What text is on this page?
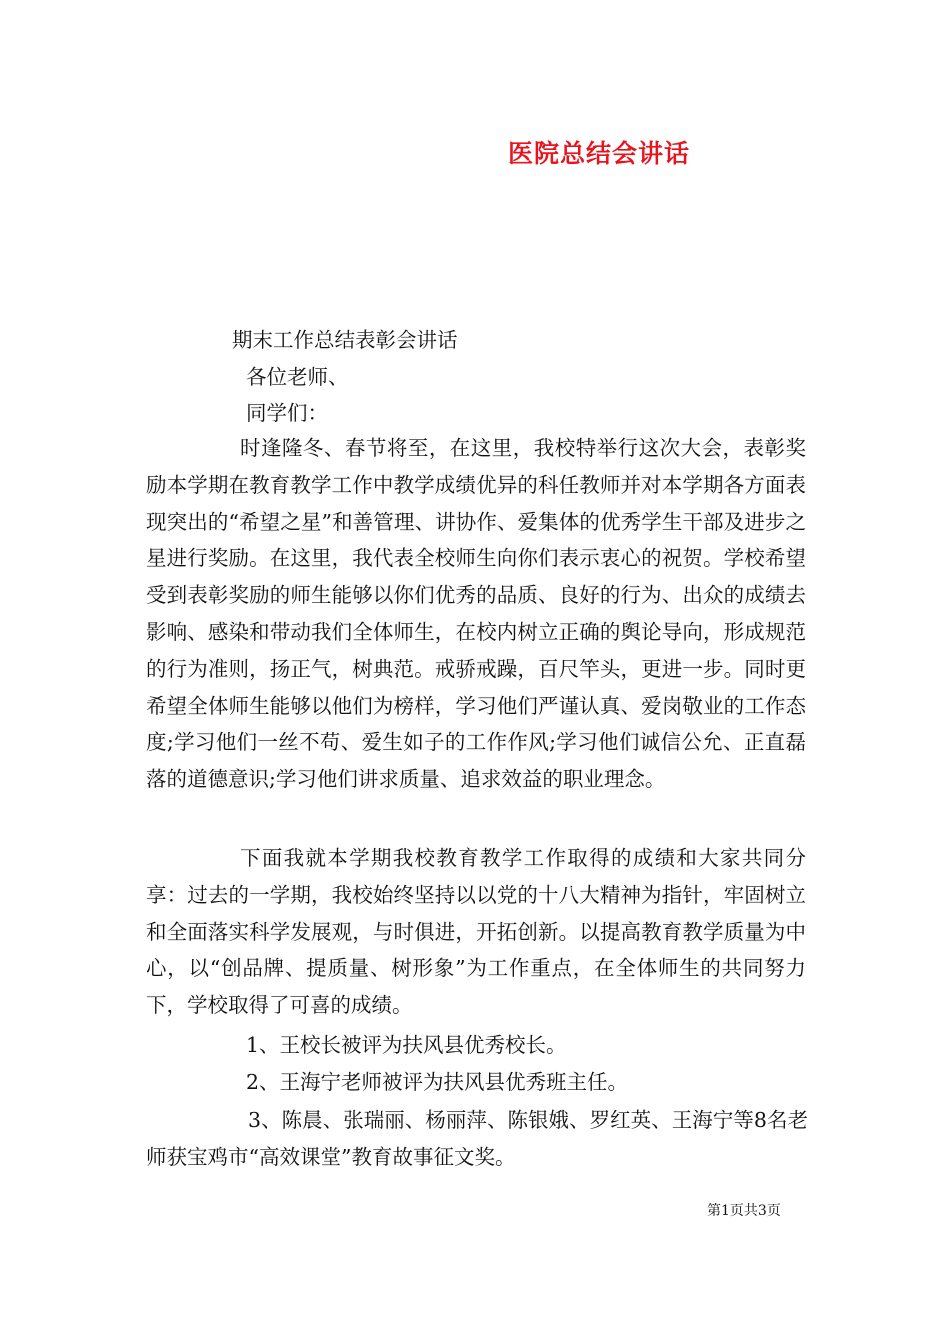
医院总结会讲话
期末工作总结表彰会讲话
各位老师、
同学们：

时逢隆冬、春节将至，在这里，我校特举行这次大会，表彰奖励本学期在教育教学工作中教学成绩优异的科任教师并对本学期各方面表现突出的“希望之星”和善管理、讲协作、爱集体的优秀学生干部及进步之星进行奖励。在这里，我代表全校师生向你们表示衷心的祝贺。学校希望受到表彰奖励的师生能够以你们优秀的品质、良好的行为、出众的成绩去影响、感染和带动我们全体师生，在校内树立正确的舆论导向，形成规范的行为准则，扬正气，树典范。戒骄戒躁，百尺竿头，更进一步。同时更希望全体师生能够以他们为榜样，学习他们严谨认真、爱岗敬业的工作态度;学习他们一丝不苟、爱生如子的工作作风;学习他们诚信公允、正直磊落的道德意识;学习他们讲求质量、追求效益的职业理念。

下面我就本学期我校教育教学工作取得的成绩和大家共同分享：过去的一学期，我校始终坚持以以党的十八大精神为指针，牢固树立和全面落实科学发展观，与时俱进，开拓创新。以提高教育教学质量为中心，以“创品牌、提质量、树形象”为工作重点，在全体师生的共同努力下，学校取得了可喜的成绩。

1、王校长被评为扶风县优秀校长。
2、王海宁老师被评为扶风县优秀班主任。

3、陈晨、张瑞丽、杨丽萍、陈银娥、罗红英、王海宁等8名老师获宝鸡市“高效课堂”教育故事征文奖。

第1页共3页
